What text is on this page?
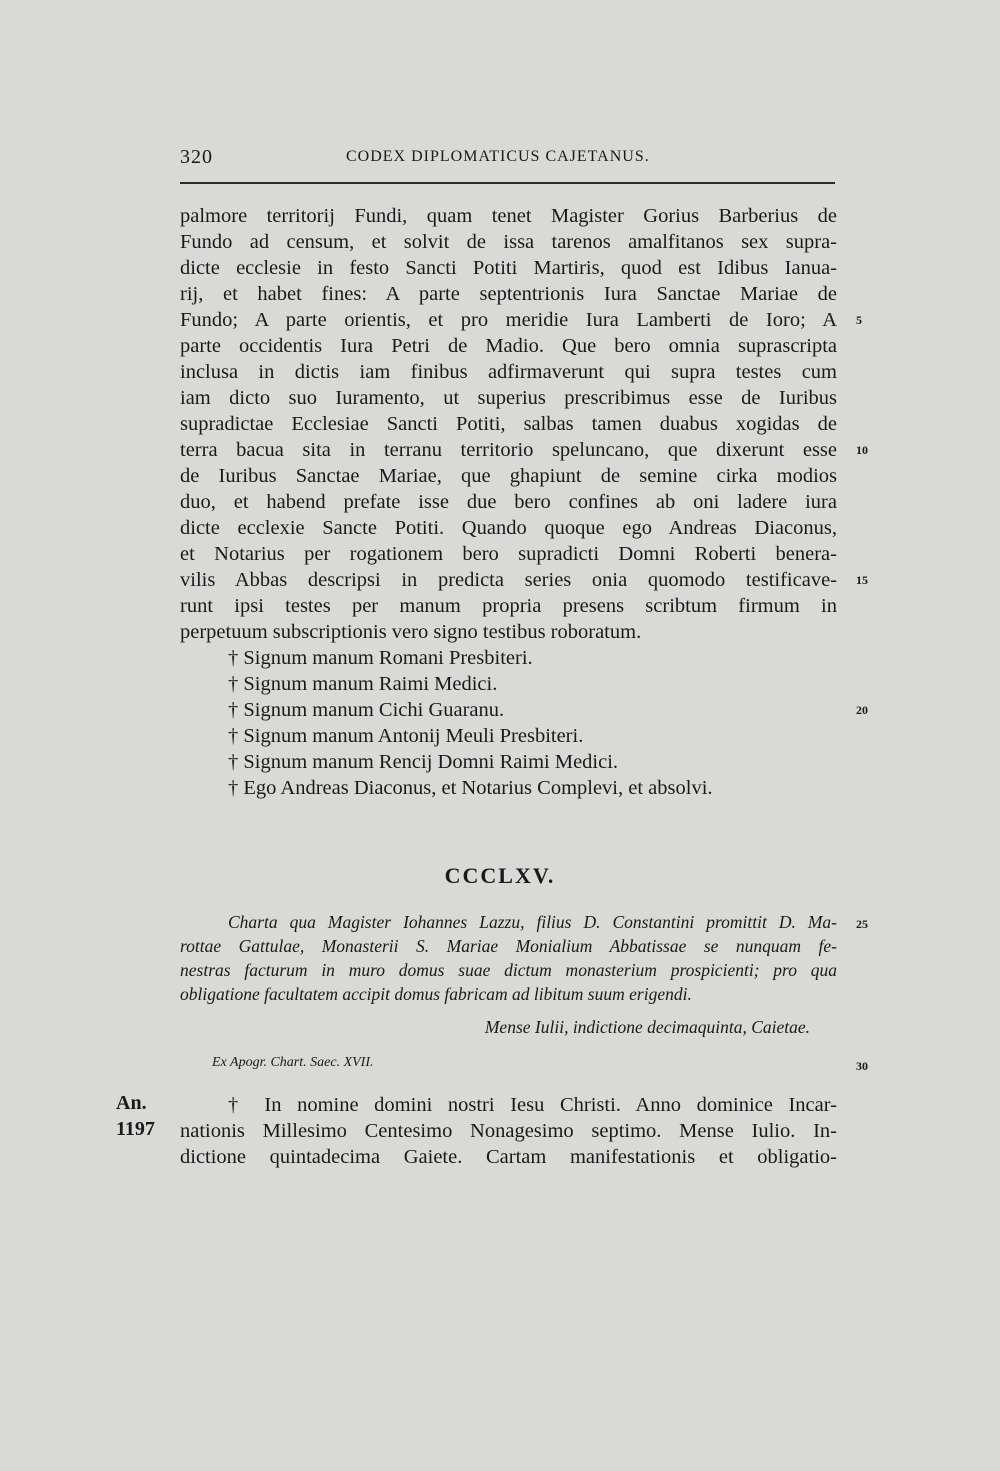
320	CODEX DIPLOMATICUS CAJETANUS.
palmore territorij Fundi, quam tenet Magister Gorius Barberius de
Fundo ad censum, et solvit de issa tarenos amalfitanos sex supra-
dicte ecclesie in festo Sancti Potiti Martiris, quod est Idibus Ianua-
rij, et habet fines: A parte septentrionis Iura Sanctae Mariae de
Fundo; A parte orientis, et pro meridie Iura Lamberti de Ioro; A
parte occidentis Iura Petri de Madio. Que bero omnia suprascripta
inclusa in dictis iam finibus adfirmaverunt qui supra testes cum
iam dicto suo Iuramento, ut superius prescribimus esse de Iuribus
supradictae Ecclesiae Sancti Potiti, salbas tamen duabus xogidas de
terra bacua sita in terranu territorio speluncano, que dixerunt esse
de Iuribus Sanctae Mariae, que ghapiunt de semine cirka modios
duo, et habend prefate isse due bero confines ab oni ladere iura
dicte ecclexie Sancte Potiti. Quando quoque ego Andreas Diaconus,
et Notarius per rogationem bero supradicti Domni Roberti benera-
vilis Abbas descripsi in predicta series onia quomodo testificave-
runt ipsi testes per manum propria presens scribtum firmum in
perpetuum subscriptionis vero signo testibus roboratum.
† Signum manum Romani Presbiteri.
† Signum manum Raimi Medici.
† Signum manum Cichi Guaranu.
† Signum manum Antonij Meuli Presbiteri.
† Signum manum Rencij Domni Raimi Medici.
† Ego Andreas Diaconus, et Notarius Complevi, et absolvi.
5
10
15
20
25
30
CCCLXV.
Charta qua Magister Iohannes Lazzu, filius D. Constantini promittit D. Ma-
rottae Gattulae, Monasterii S. Mariae Monialium Abbatissae se nunquam fe-
nestras facturum in muro domus suae dictum monasterium prospicienti; pro qua
obligatione facultatem accipit domus fabricam ad libitum suum erigendi.
Mense Iulii, indictione decimaquinta, Caietae.
Ex Apogr. Chart. Saec. XVII.
An.
1197
† In nomine domini nostri Iesu Christi. Anno dominice Incar-
nationis Millesimo Centesimo Nonagesimo septimo. Mense Iulio. In-
dictione quintadecima Gaiete. Cartam manifestationis et obligatio-
